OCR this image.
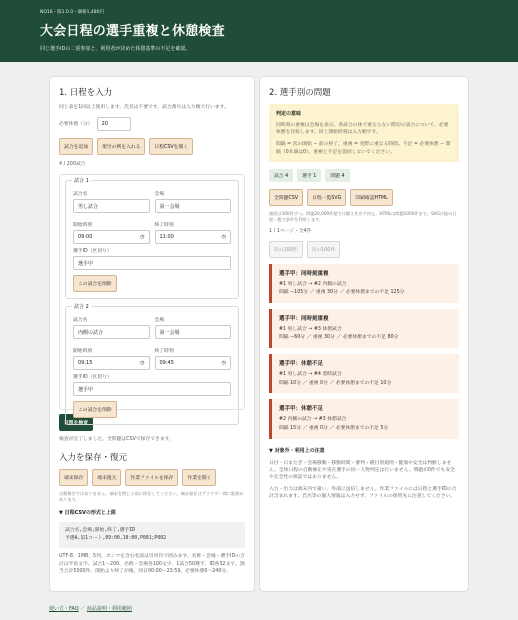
NO16・版1.0.0・価格1,480円
大会日程の選手重複と休憩検査
同じ選手IDの二重参加と、利用者が決めた休憩基準の不足を確認。
1. 日程を入力
同じ表を1回以上使用します。氏名は不要です。試合番号は入力順で行います。
必要休憩（分）	20
試合を追加	架空の例を入れる	日程CSVを開く
4 / 200試合
試合 1
試合名
男し試合
会場
第一会場
開始時刻
09:00	◷
終了時刻
11:00	◷
選手ID（区切り）
選手甲
この試合を削除
試合 2
試合名
内側の試合
会場
第一会場
開始時刻
09:15	◷
終了時刻
09:45	◷
選手ID（区切り）
選手甲
この試合を削除
日程を検査
検査が完了しました。全問題はCSVで保存できます。
入力を保存・復元
端末保存	端末復元	作業ファイルを保存	作業を開く
自動保存ではありません。端末を閉じる前に保存してください。端末保存はブラウザー間に限界があります。
▼ 日程CSVの形式と上限
試合名,会場,開始,終了,選手ID
予選A,第1コート,09:00,10:00,P001;P002
UTF-8、1MB、5列。カンマを含む名前は引用符で囲みます。名称・会場・選手IDの合計は半角文字。試合1〜200、名称・会場各100文字、1試合50選手、ID各32文字。割当合計5000件。開始より終了が後。同日00:00〜23:59。必要休憩0〜240分。
2. 選手別の問題
判定の意味
同時刻の重複は会場を表示。各試合の体で重ならない際切の試合について、必要休憩を比較します。同じ開始時刻は入力順です。
間隔 = 次の開始 − 前の終了。重複 = 実際に重なる時間。不足 = 必要休憩 − 間隔（0未満は0）。重複と不足を混同しないでください。
試合 4	選手 1	問題 4
全問題CSV	日程一覧SVG	印刷確認HTML
画面は100件ずつ。問題20,000件超では鍛えを出す停止。HTMLは問題1000件まで。SVGは他の日程一覧で条件を利用します。
1 / 1ページ・全4件
前の100件	次の100件
選手甲：同時刻重複
#1 男し試合 → #2 内側の試合
間隔 −105分 ／ 重複 30分 ／ 必要休憩までの不足 125分
選手甲：同時刻重複
#1 男し試合 → #3 休憩試合
間隔 −60分 ／ 重複 30分 ／ 必要休憩までの不足 80分
選手甲：休憩不足
#1 男し試合 → #4 着時試合
間隔 10分 ／ 重複 0分 ／ 必要休憩までの不足 10分
選手甲：休憩不足
#2 内側の試合 → #3 休憩試合
間隔 15分 ／ 重複 0分 ／ 必要休憩までの不足 5分
▼ 対象外・利用上の注意
日付・日またぎ・会場移動・移動時間・審判・種目別規則・健康や安全は判断しません。全体日程の自動修正や実在選手の同一人物判定は行いません。問題が0件でも安全や完全性の保証ではありません。
入力・出力は端末内で扱い、外部に送信しません。作業ファイルには日程と選手IDの合計含まれます。氏名等の個人情報は入力せず、ファイルの保管先に注意してください。
使い方・FAQ ／ 商品説明・利用範囲
